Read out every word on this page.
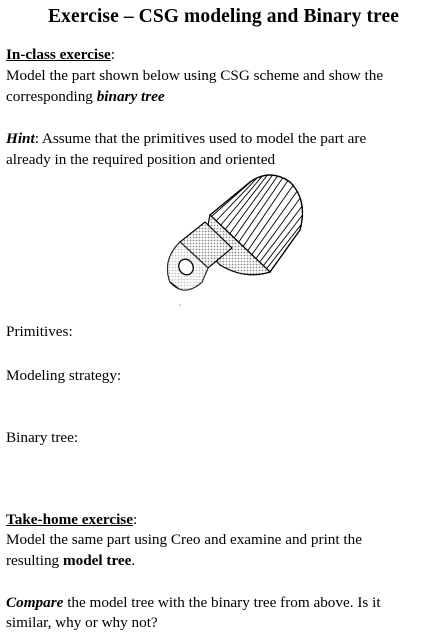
Exercise – CSG modeling and Binary tree
In-class exercise:
Model the part shown below using CSG scheme and show the
corresponding binary tree
Hint: Assume that the primitives used to model the part are
already in the required position and oriented
Primitives:
Modeling strategy:
Binary tree:
Take-home exercise:
Model the same part using Creo and examine and print the
resulting model tree.
Compare the model tree with the binary tree from above. Is it
similar, why or why not?
